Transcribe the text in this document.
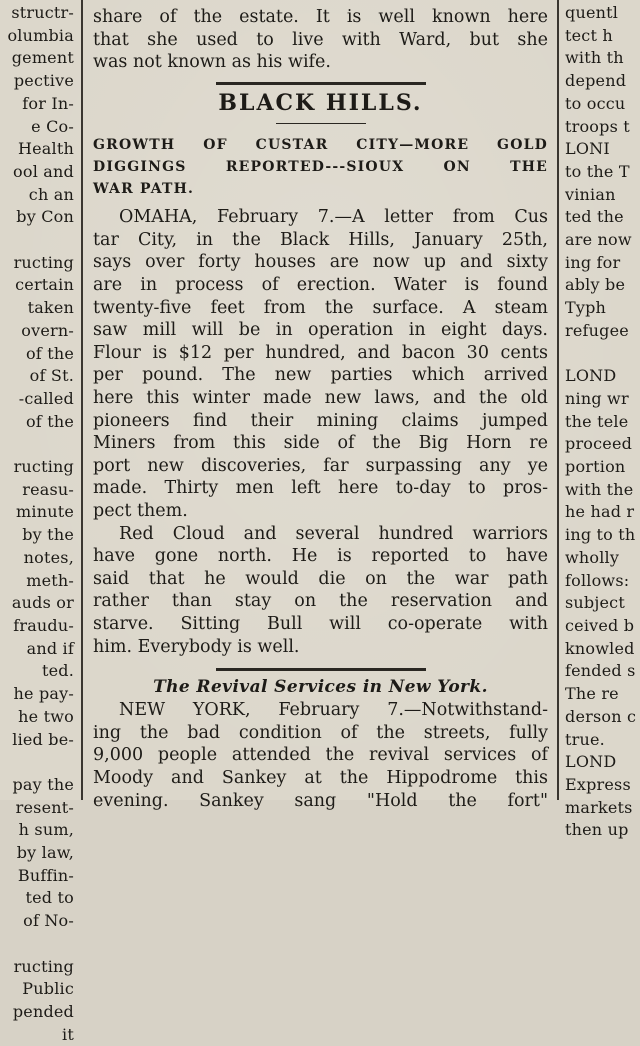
structr-
olumbia
gement
pective
for In-
e Co-
Health
ool and
ch an
by Con

ructing
certain
taken
overn-
of the
of St.
-called
of the

ructing
reasu-
minute
by the
notes,
meth-
auds or
fraudu-
and if
ted.
he pay-
he two
lied be-

pay the
resent-
h sum,
by law,
Buffin-
ted to
of No-

ructing
Public
pended
it
share of the estate. It is well known here
that she used to live with Ward, but she
was not known as his wife.
BLACK HILLS.
GROWTH OF CUSTAR CITY—MORE GOLD
DIGGINGS REPORTED---SIOUX ON THE
WAR PATH.
OMAHA, February 7.—A letter from Cus
tar City, in the Black Hills, January 25th,
says over forty houses are now up and sixty
are in process of erection. Water is found
twenty-five feet from the surface. A steam
saw mill will be in operation in eight days.
Flour is $12 per hundred, and bacon 30 cents
per pound. The new parties which arrived
here this winter made new laws, and the old
pioneers find their mining claims jumped
Miners from this side of the Big Horn re
port new discoveries, far surpassing any ye
made. Thirty men left here to-day to pros-
pect them.
Red Cloud and several hundred warriors
have gone north. He is reported to have
said that he would die on the war path
rather than stay on the reservation and
starve. Sitting Bull will co-operate with
him. Everybody is well.
The Revival Services in New York.
NEW YORK, February 7.—Notwithstand-
ing the bad condition of the streets, fully
9,000 people attended the revival services of
Moody and Sankey at the Hippodrome this
evening. Sankey sang "Hold the fort"
quentl
tect h
with th
depend
to occu
troops t
LONI
to the T
vinian
ted the
are now
ing for
ably be
Typh
refugee

LOND
ning wr
the tele
proceed
portion
with the
he had r
ing to th
wholly
follows:
subject
ceived b
knowled
fended s
The re
derson c
true.
LOND
Express
markets
then up
